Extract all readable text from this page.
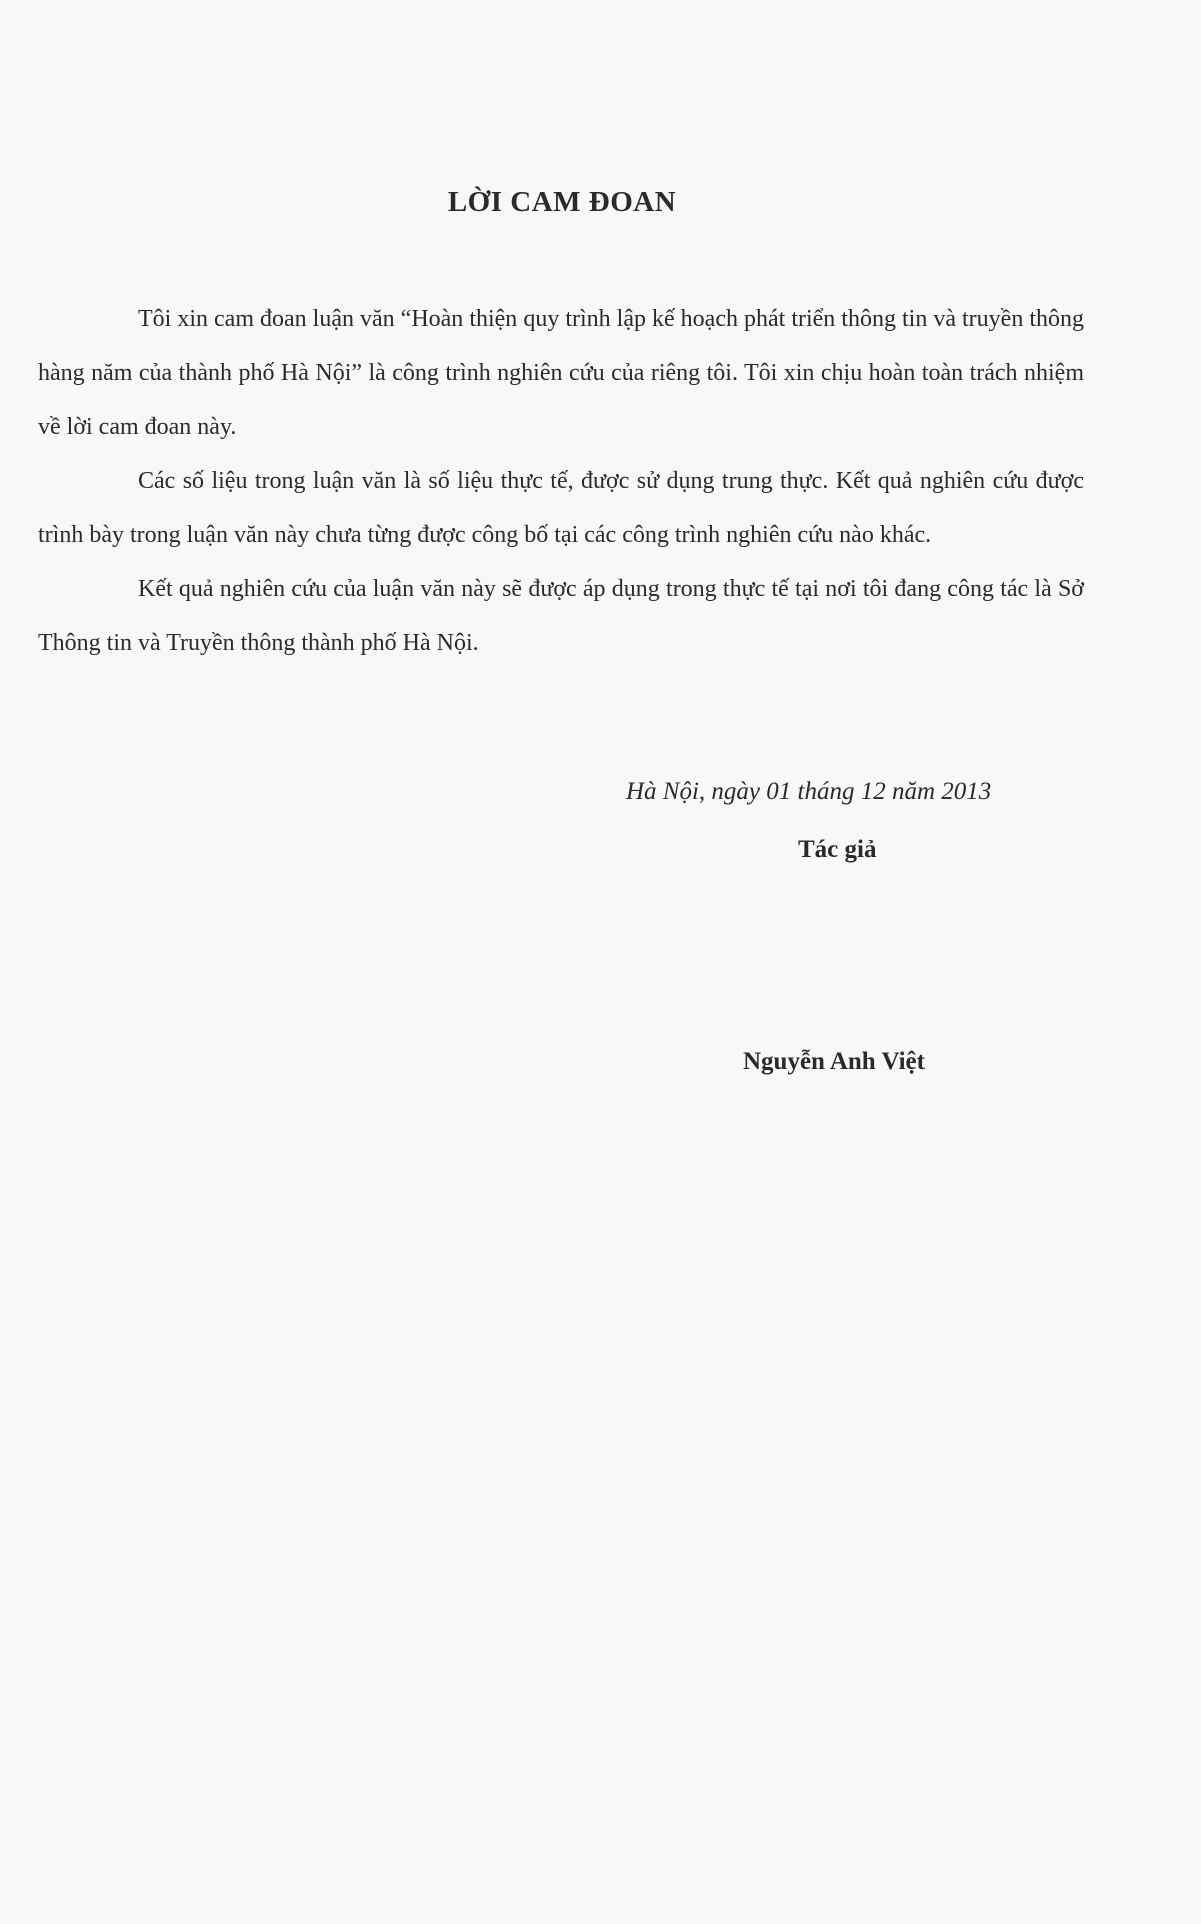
LỜI CAM ĐOAN

Tôi xin cam đoan luận văn “Hoàn thiện quy trình lập kế hoạch phát triển thông tin và truyền thông hàng năm của thành phố Hà Nội” là công trình nghiên cứu của riêng tôi. Tôi xin chịu hoàn toàn trách nhiệm về lời cam đoan này.

Các số liệu trong luận văn là số liệu thực tế, được sử dụng trung thực. Kết quả nghiên cứu được trình bày trong luận văn này chưa từng được công bố tại các công trình nghiên cứu nào khác.

Kết quả nghiên cứu của luận văn này sẽ được áp dụng trong thực tế tại nơi tôi đang công tác là Sở Thông tin và Truyền thông thành phố Hà Nội.

Hà Nội, ngày 01 tháng 12 năm 2013
Tác giả
Nguyễn Anh Việt
